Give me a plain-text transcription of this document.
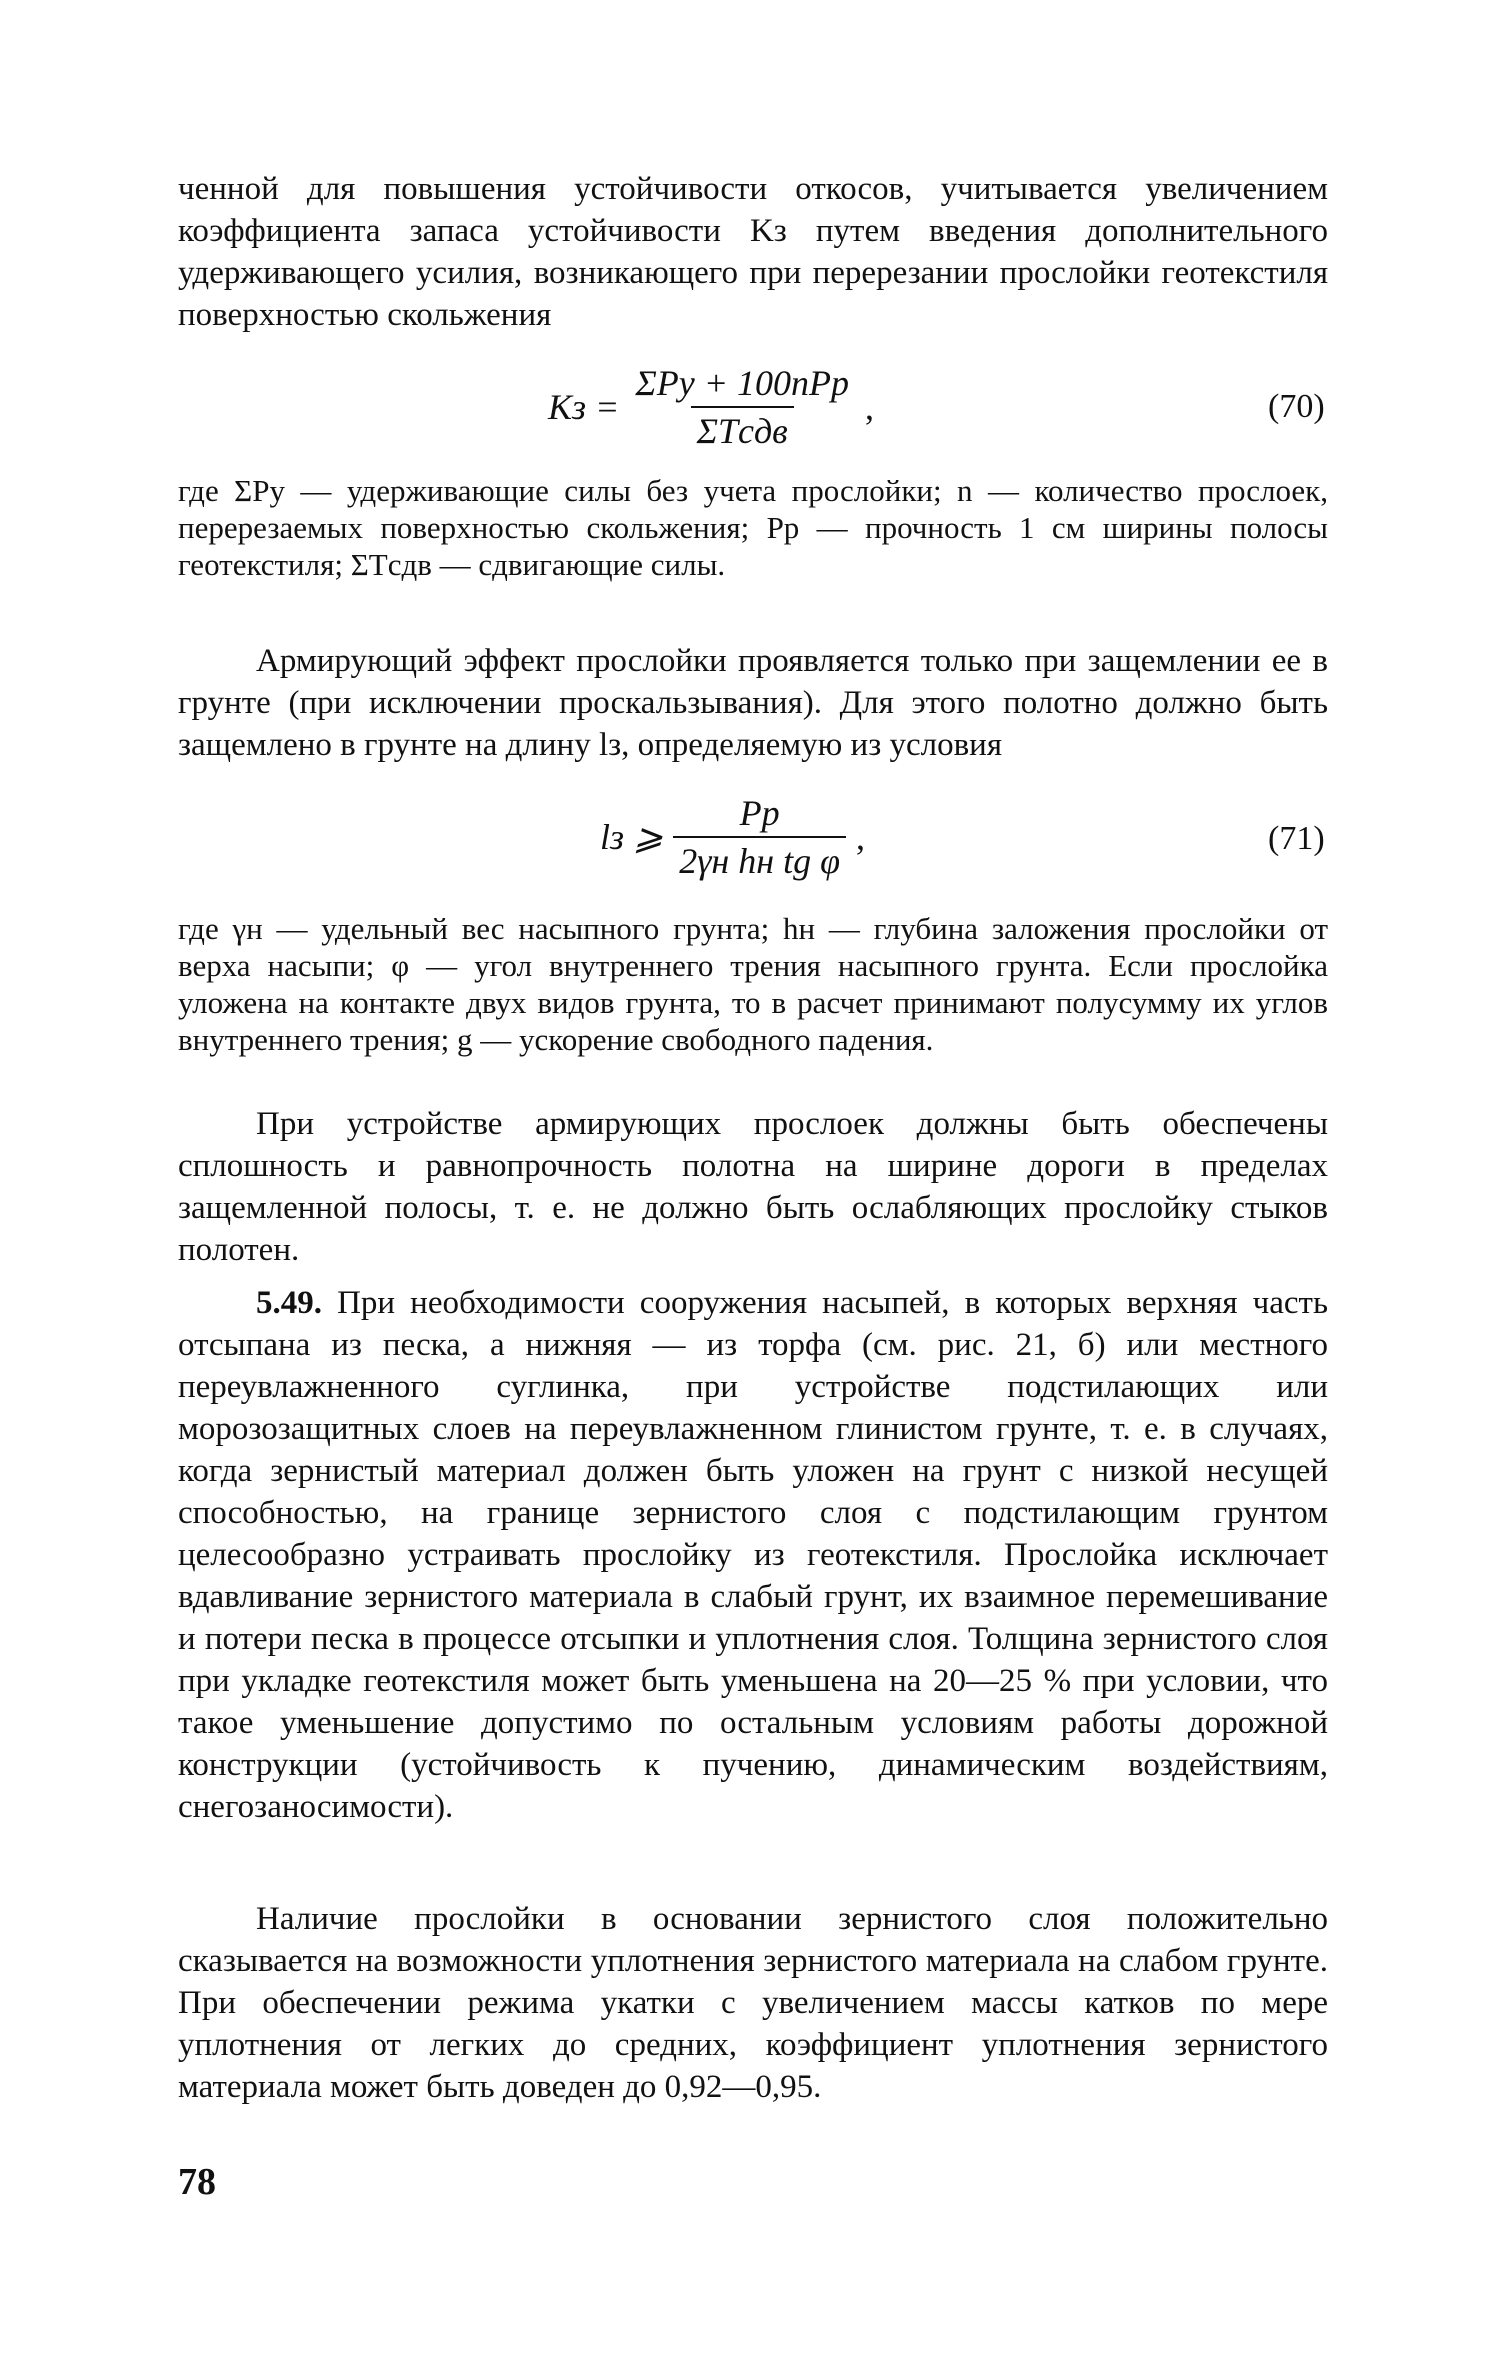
ченной для повышения устойчивости откосов, учитывается увеличением коэффициента запаса устойчивости Kз путем введения дополнительного удерживающего усилия, возникающего при перерезании прослойки геотекстиля поверхностью скольжения

Kз = $\frac{\text{ΣPу + 100nPр}}{\text{ΣTсдв}}$ ,	(70)

где ΣPу — удерживающие силы без учета прослойки; n — количество прослоек, перерезаемых поверхностью скольжения; Pр — прочность 1 см ширины полосы геотекстиля; ΣTсдв — сдвигающие силы.

Армирующий эффект прослойки проявляется только при защемлении ее в грунте (при исключении проскальзывания). Для этого полотно должно быть защемлено в грунте на длину lз, определяемую из условия

lз ⩾ $\frac{Pр}{\text{2γн hн tg φ}}$ ,	(71)

где γн — удельный вес насыпного грунта; hн — глубина заложения прослойки от верха насыпи; φ — угол внутреннего трения насыпного грунта. Если прослойка уложена на контакте двух видов грунта, то в расчет принимают полусумму их углов внутреннего трения; g — ускорение свободного падения.

При устройстве армирующих прослоек должны быть обеспечены сплошность и равнопрочность полотна на ширине дороги в пределах защемленной полосы, т. е. не должно быть ослабляющих прослойку стыков полотен.

5.49. При необходимости сооружения насыпей, в которых верхняя часть отсыпана из песка, а нижняя — из торфа (см. рис. 21, б) или местного переувлажненного суглинка, при устройстве подстилающих или морозозащитных слоев на переувлажненном глинистом грунте, т. е. в случаях, когда зернистый материал должен быть уложен на грунт с низкой несущей способностью, на границе зернистого слоя с подстилающим грунтом целесообразно устраивать прослойку из геотекстиля. Прослойка исключает вдавливание зернистого материала в слабый грунт, их взаимное перемешивание и потери песка в процессе отсыпки и уплотнения слоя. Толщина зернистого слоя при укладке геотекстиля может быть уменьшена на 20—25 % при условии, что такое уменьшение допустимо по остальным условиям работы дорожной конструкции (устойчивость к пучению, динамическим воздействиям, снегозаносимости).

Наличие прослойки в основании зернистого слоя положительно сказывается на возможности уплотнения зернистого материала на слабом грунте. При обеспечении режима укатки с увеличением массы катков по мере уплотнения от легких до средних, коэффициент уплотнения зернистого материала может быть доведен до 0,92—0,95.

78
